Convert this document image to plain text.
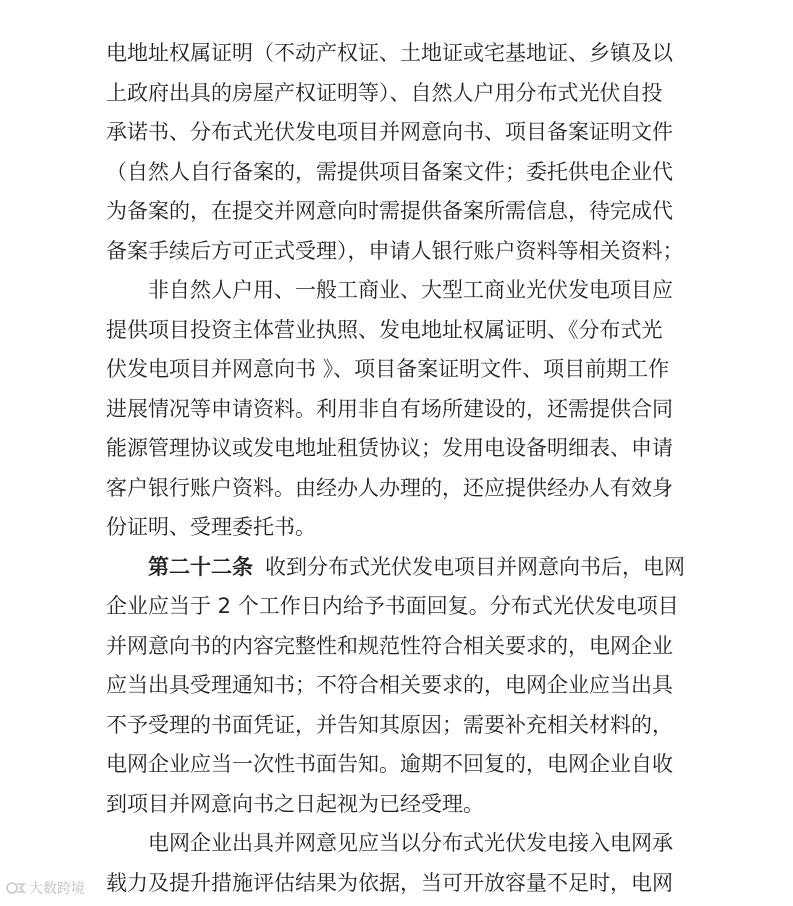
电地址权属证明（不动产权证、土地证或宅基地证、乡镇及以
上政府出具的房屋产权证明等）、自然人户用分布式光伏自投
承诺书、分布式光伏发电项目并网意向书、项目备案证明文件
（自然人自行备案的，需提供项目备案文件；委托供电企业代
为备案的，在提交并网意向时需提供备案所需信息，待完成代
备案手续后方可正式受理），申请人银行账户资料等相关资料；
非自然人户用、一般工商业、大型工商业光伏发电项目应
提供项目投资主体营业执照、发电地址权属证明、《分布式光
伏发电项目并网意向书 》、项目备案证明文件、项目前期工作
进展情况等申请资料。利用非自有场所建设的，还需提供合同
能源管理协议或发电地址租赁协议；发用电设备明细表、申请
客户银行账户资料。由经办人办理的，还应提供经办人有效身
份证明、受理委托书。
第二十二条 收到分布式光伏发电项目并网意向书后，电网
企业应当于 2 个工作日内给予书面回复。分布式光伏发电项目
并网意向书的内容完整性和规范性符合相关要求的，电网企业
应当出具受理通知书；不符合相关要求的，电网企业应当出具
不予受理的书面凭证，并告知其原因；需要补充相关材料的，
电网企业应当一次性书面告知。逾期不回复的，电网企业自收
到项目并网意向书之日起视为已经受理。
电网企业出具并网意见应当以分布式光伏发电接入电网承
载力及提升措施评估结果为依据，当可开放容量不足时，电网
大数跨境
